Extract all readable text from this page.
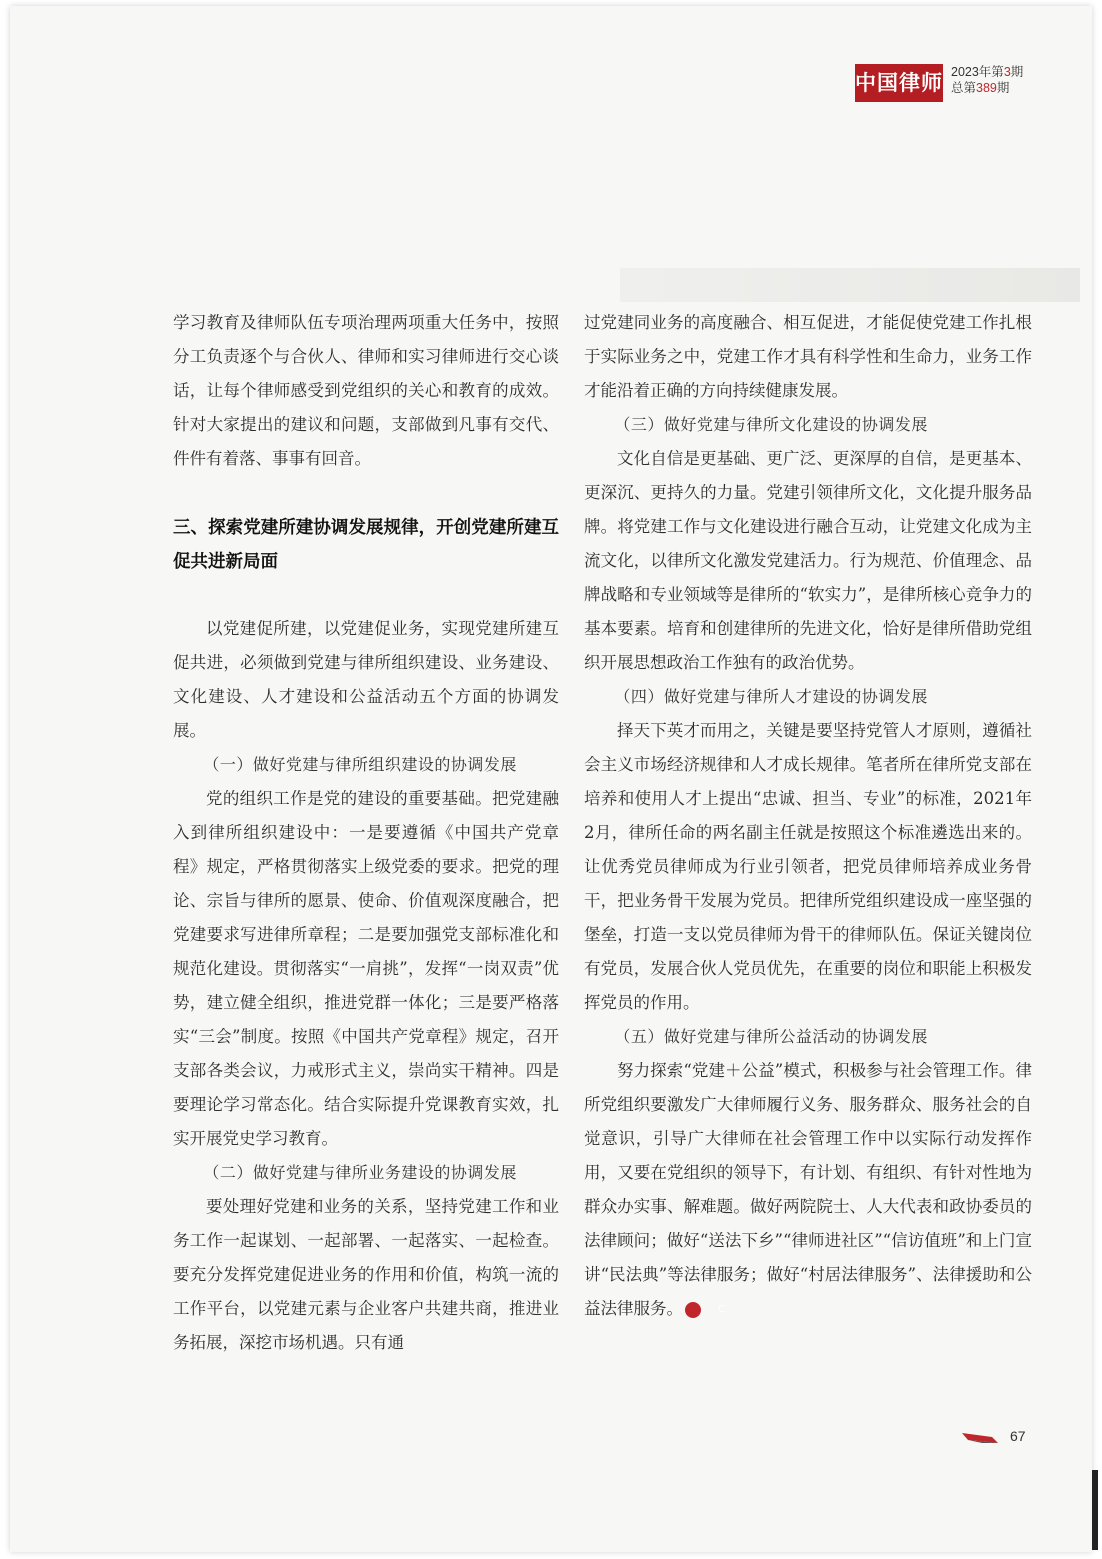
中国律师 2023年第3期
总第389期

学习教育及律师队伍专项治理两项重大任务中，按照分工负责逐个与合伙人、律师和实习律师进行交心谈话，让每个律师感受到党组织的关心和教育的成效。针对大家提出的建议和问题，支部做到凡事有交代、件件有着落、事事有回音。

三、探索党建所建协调发展规律，开创党建所建互促共进新局面

以党建促所建，以党建促业务，实现党建所建互促共进，必须做到党建与律所组织建设、业务建设、文化建设、人才建设和公益活动五个方面的协调发展。

（一）做好党建与律所组织建设的协调发展

党的组织工作是党的建设的重要基础。把党建融入到律所组织建设中：一是要遵循《中国共产党章程》规定，严格贯彻落实上级党委的要求。把党的理论、宗旨与律所的愿景、使命、价值观深度融合，把党建要求写进律所章程；二是要加强党支部标准化和规范化建设。贯彻落实“一肩挑”，发挥“一岗双责”优势，建立健全组织，推进党群一体化；三是要严格落实“三会”制度。按照《中国共产党章程》规定，召开支部各类会议，力戒形式主义，崇尚实干精神。四是要理论学习常态化。结合实际提升党课教育实效，扎实开展党史学习教育。

（二）做好党建与律所业务建设的协调发展

要处理好党建和业务的关系，坚持党建工作和业务工作一起谋划、一起部署、一起落实、一起检查。要充分发挥党建促进业务的作用和价值，构筑一流的工作平台，以党建元素与企业客户共建共商，推进业务拓展，深挖市场机遇。只有通

过党建同业务的高度融合、相互促进，才能促使党建工作扎根于实际业务之中，党建工作才具有科学性和生命力，业务工作才能沿着正确的方向持续健康发展。

（三）做好党建与律所文化建设的协调发展

文化自信是更基础、更广泛、更深厚的自信，是更基本、更深沉、更持久的力量。党建引领律所文化，文化提升服务品牌。将党建工作与文化建设进行融合互动，让党建文化成为主流文化，以律所文化激发党建活力。行为规范、价值理念、品牌战略和专业领域等是律所的“软实力”，是律所核心竞争力的基本要素。培育和创建律所的先进文化，恰好是律所借助党组织开展思想政治工作独有的政治优势。

（四）做好党建与律所人才建设的协调发展

择天下英才而用之，关键是要坚持党管人才原则，遵循社会主义市场经济规律和人才成长规律。笔者所在律所党支部在培养和使用人才上提出“忠诚、担当、专业”的标准，2021年2月，律所任命的两名副主任就是按照这个标准遴选出来的。让优秀党员律师成为行业引领者，把党员律师培养成业务骨干，把业务骨干发展为党员。把律所党组织建设成一座坚强的堡垒，打造一支以党员律师为骨干的律师队伍。保证关键岗位有党员，发展合伙人党员优先，在重要的岗位和职能上积极发挥党员的作用。

（五）做好党建与律所公益活动的协调发展

努力探索“党建＋公益”模式，积极参与社会管理工作。律所党组织要激发广大律师履行义务、服务群众、服务社会的自觉意识，引导广大律师在社会管理工作中以实际行动发挥作用，又要在党组织的领导下，有计划、有组织、有针对性地为群众办实事、解难题。做好两院院士、人大代表和政协委员的法律顾问；做好“送法下乡”“律师进社区”“信访值班”和上门宣讲“民法典”等法律服务；做好“村居法律服务”、法律援助和公益法律服务。	C

67
